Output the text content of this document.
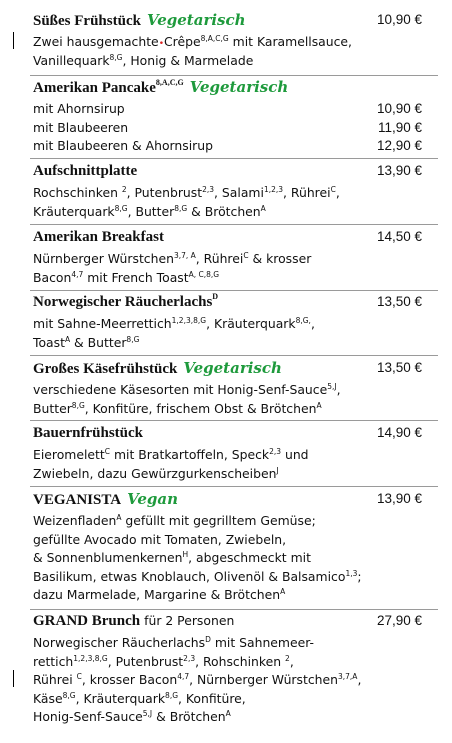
Süßes Frühstück Vegetarisch	10,90 €
Zwei hausgemachte•Crêpe$^{8,A,C,G}$ mit Karamellsauce,
Vanillequark$^{8,G}$, Honig & Marmelade
Amerikan Pancake$^{8,A,C,G}$ Vegetarisch
mit Ahornsirup	10,90 €
mit Blaubeeren	11,90 €
mit Blaubeeren & Ahornsirup	12,90 €
Aufschnittplatte	13,90 €
Rochschinken $^2$, Putenbrust$^{2,3}$, Salami$^{1,2,3}$, Rührei$^C$,
Kräuterquark$^{8,G}$, Butter$^{8,G}$ & Brötchen$^A$
Amerikan Breakfast	14,50 €
Nürnberger Würstchen$^{3,7, A}$, Rührei$^C$ & krosser
Bacon$^{4,7}$ mit French Toast$^{A, C,8,G}$
Norwegischer Räucherlachs$^D$	13,50 €
mit Sahne-Meerrettich$^{1,2,3,8,G}$, Kräuterquark$^{8,G,}$,
Toast$^A$ & Butter$^{8,G}$
Großes Käsefrühstück Vegetarisch	13,50 €
verschiedene Käsesorten mit Honig-Senf-Sauce$^{5,J}$,
Butter$^{8,G}$, Konfitüre, frischem Obst & Brötchen$^A$
Bauernfrühstück	14,90 €
Eieromelett$^C$ mit Bratkartoffeln, Speck$^{2,3}$ und
Zwiebeln, dazu Gewürzgurkenscheiben$^J$
VEGANISTA Vegan	13,90 €
Weizenfladen$^A$ gefüllt mit gegrilltem Gemüse;
gefüllte Avocado mit Tomaten, Zwiebeln,
& Sonnenblumenkernen$^H$, abgeschmeckt mit
Basilikum, etwas Knoblauch, Olivenöl & Balsamico$^{1,3}$;
dazu Marmelade, Margarine & Brötchen$^A$
GRAND Brunch für 2 Personen	27,90 €
Norwegischer Räucherlachs$^D$ mit Sahnemeer-
rettich$^{1,2,3,8,G}$, Putenbrust$^{2,3}$, Rohschinken $^2$,
Rührei $^C$, krosser Bacon$^{4,7}$, Nürnberger Würstchen$^{3,7,A}$,
Käse$^{8,G}$, Kräuterquark$^{8,G}$, Konfitüre,
Honig-Senf-Sauce$^{5,J}$ & Brötchen$^A$
